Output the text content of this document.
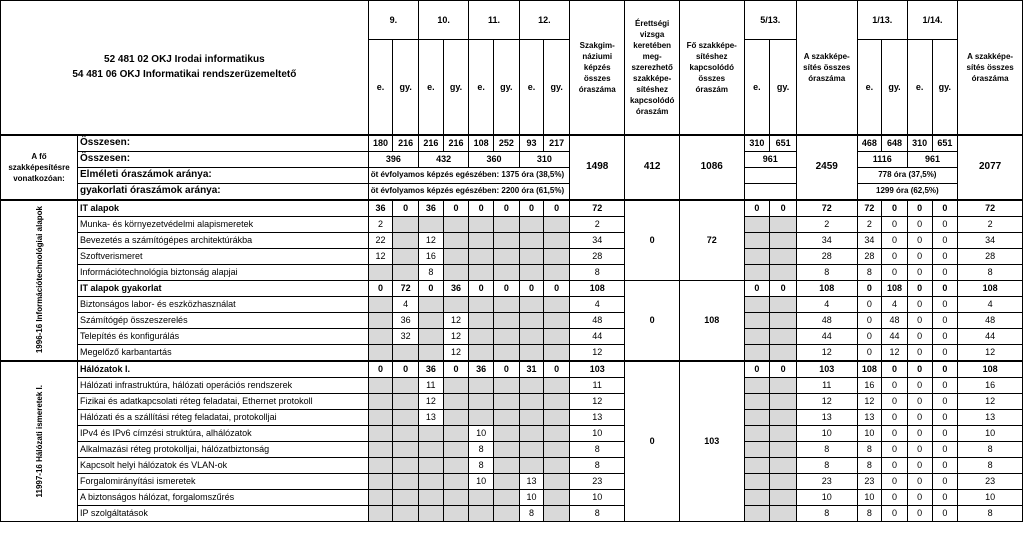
52 481 02 OKJ Irodai informatikus
54 481 06 OKJ Informatikai rendszerüzemeltető		9.		10.		11.		12.		Szakgim-náziumi képzés összes óraszáma	Érettségi vizsga keretében meg-szerezhető szakképe-sítéshez kapcsolódó óraszám	Fő szakképe-sítéshez kapcsolódó összes óraszám	5/13.		A szakképe-sítés összes óraszáma	1/13.		1/14.		A szakképe-sítés összes óraszáma
		e.	gy.	e.	gy.	e.	gy.	e.	gy.				e.	gy.		e.	gy.	e.	gy.	
A fő szakképesítésre vonatkozóan:	Összesen:	180	216	216	216	108	252	93	217	1498	412	1086	310	651	2459	468	648	310	651	2077
	Összesen:	396		432		360		310					961			1116		961		
	Elméleti óraszámok aránya:	öt évfolyamos képzés egészében: 1375 óra (38,5%)														778 óra (37,5%)				
	gyakorlati óraszámok aránya:	öt évfolyamos képzés egészében: 2200 óra (61,5%)														1299 óra (62,5%)				

1996-16 Információtechnológiai alapok	IT alapok	36	0	36	0	0	0	0	0	72	0	72	0	0	72	72	0	0	0	72
	Munka- és környezetvédelmi alapismeretek	2								2					2	2	0	0	0	2
	Bevezetés a számítógépes architektúrákba	22		12						34					34	34	0	0	0	34
	Szoftverismeret	12		16						28					28	28	0	0	0	28
	Információtechnológia biztonság alapjai			8						8					8	8	0	0	0	8
	IT alapok gyakorlat	0	72	0	36	0	0	0	0	108	0	108	0	0	108	0	108	0	0	108
	Biztonságos labor- és eszközhasználat		4							4					4	0	4	0	0	4
	Számítógép összeszerelés		36		12					48					48	0	48	0	0	48
	Telepítés és konfigurálás		32		12					44					44	0	44	0	0	44
	Megelőző karbantartás				12					12					12	0	12	0	0	12

11997-16 Hálózati ismeretek I.	Hálózatok I.	0	0	36	0	36	0	31	0	103	0	103	0	0	103	108	0	0	0	108
	Hálózati infrastruktúra, hálózati operációs rendszerek			11						11					11	16	0	0	0	16
	Fizikai és adatkapcsolati réteg feladatai, Ethernet protokoll			12						12					12	12	0	0	0	12
	Hálózati és a szállítási réteg feladatai, protokolljai			13						13					13	13	0	0	0	13
	IPv4 és IPv6 címzési struktúra, alhálózatok					10				10					10	10	0	0	0	10
	Alkalmazási réteg protokolljai, hálózatbiztonság					8				8					8	8	0	0	0	8
	Kapcsolt helyi hálózatok és VLAN-ok					8				8					8	8	0	0	0	8
	Forgalomirányítási ismeretek					10		13		23					23	23	0	0	0	23
	A biztonságos hálózat, forgalomszűrés							10		10					10	10	0	0	0	10
	IP szolgáltatások							8		8					8	8	0	0	0	8
